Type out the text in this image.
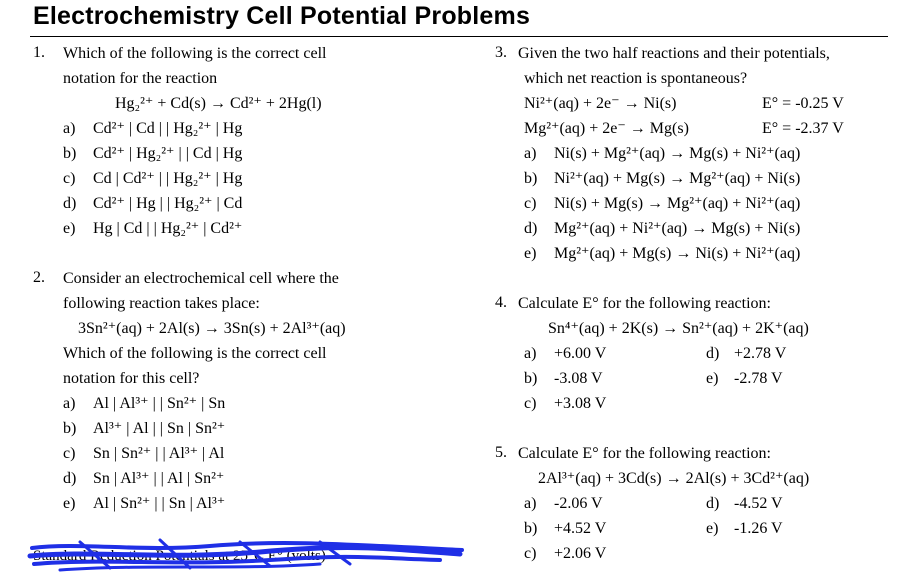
Electrochemistry Cell Potential Problems
1. Which of the following is the correct cell
notation for the reaction
Hg₂²⁺ + Cd(s) → Cd²⁺ + 2Hg(l)
a) Cd²⁺ | Cd | | Hg₂²⁺ | Hg
b) Cd²⁺ | Hg₂²⁺ | | Cd | Hg
c) Cd | Cd²⁺ | | Hg₂²⁺ | Hg
d) Cd²⁺ | Hg | | Hg₂²⁺ | Cd
e) Hg | Cd | | Hg₂²⁺ | Cd²⁺
2. Consider an electrochemical cell where the
following reaction takes place:
3Sn²⁺(aq) + 2Al(s) → 3Sn(s) + 2Al³⁺(aq)
Which of the following is the correct cell
notation for this cell?
a) Al | Al³⁺ | | Sn²⁺ | Sn
b) Al³⁺ | Al | | Sn | Sn²⁺
c) Sn | Sn²⁺ | | Al³⁺ | Al
d) Sn | Al³⁺ | | Al | Sn²⁺
e) Al | Sn²⁺ | | Sn | Al³⁺
3. Given the two half reactions and their potentials,
which net reaction is spontaneous?
Ni²⁺(aq) + 2e⁻ → Ni(s)	E° = -0.25 V
Mg²⁺(aq) + 2e⁻ → Mg(s)	E° = -2.37 V
a) Ni(s) + Mg²⁺(aq) → Mg(s) + Ni²⁺(aq)
b) Ni²⁺(aq) + Mg(s) → Mg²⁺(aq) + Ni(s)
c) Ni(s) + Mg(s) → Mg²⁺(aq) + Ni²⁺(aq)
d) Mg²⁺(aq) + Ni²⁺(aq) → Mg(s) + Ni(s)
e) Mg²⁺(aq) + Mg(s) → Ni(s) + Ni²⁺(aq)
4. Calculate E° for the following reaction:
Sn⁴⁺(aq) + 2K(s) → Sn²⁺(aq) + 2K⁺(aq)
a) +6.00 V
b) -3.08 V
c) +3.08 V
d) +2.78 V
e) -2.78 V
5. Calculate E° for the following reaction:
2Al³⁺(aq) + 3Cd(s) → 2Al(s) + 3Cd²⁺(aq)
a) -2.06 V
b) +4.52 V
c) +2.06 V
d) -4.52 V
e) -1.26 V
Standard Reduction Potentials at 25°C E° (volts)
